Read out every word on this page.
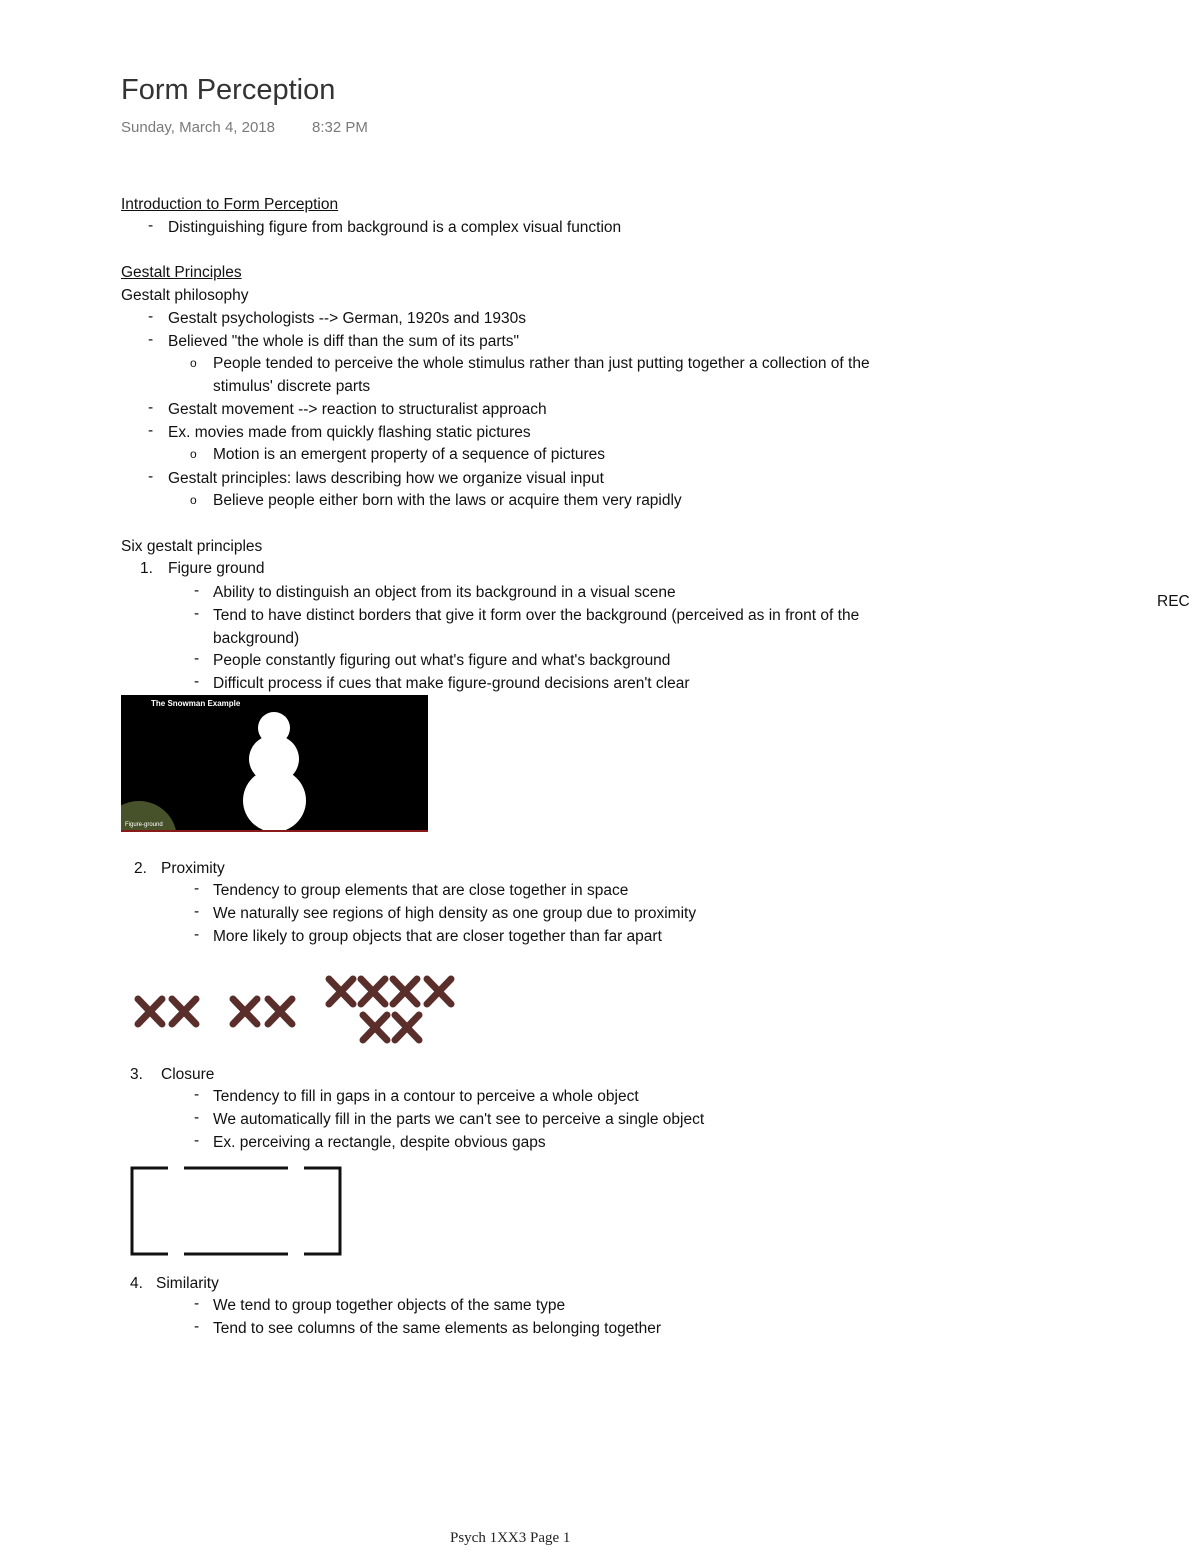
Form Perception
Sunday, March 4, 2018 8:32 PM
Introduction to Form Perception
- Distinguishing figure from background is a complex visual function
Gestalt Principles
Gestalt philosophy
- Gestalt psychologists --> German, 1920s and 1930s
- Believed "the whole is diff than the sum of its parts"
o People tended to perceive the whole stimulus rather than just putting together a collection of the
stimulus' discrete parts
- Gestalt movement --> reaction to structuralist approach
- Ex. movies made from quickly flashing static pictures
o Motion is an emergent property of a sequence of pictures
- Gestalt principles: laws describing how we organize visual input
o Believe people either born with the laws or acquire them very rapidly
Six gestalt principles
1. Figure ground
- Ability to distinguish an object from its background in a visual scene
- Tend to have distinct borders that give it form over the background (perceived as in front of the
background)
- People constantly figuring out what's figure and what's background
- Difficult process if cues that make figure-ground decisions aren't clear
REC
The Snowman Example
Figure-ground
2. Proximity
- Tendency to group elements that are close together in space
- We naturally see regions of high density as one group due to proximity
- More likely to group objects that are closer together than far apart
3. Closure
- Tendency to fill in gaps in a contour to perceive a whole object
- We automatically fill in the parts we can't see to perceive a single object
- Ex. perceiving a rectangle, despite obvious gaps
4. Similarity
- We tend to group together objects of the same type
- Tend to see columns of the same elements as belonging together
Psych 1XX3 Page 1
